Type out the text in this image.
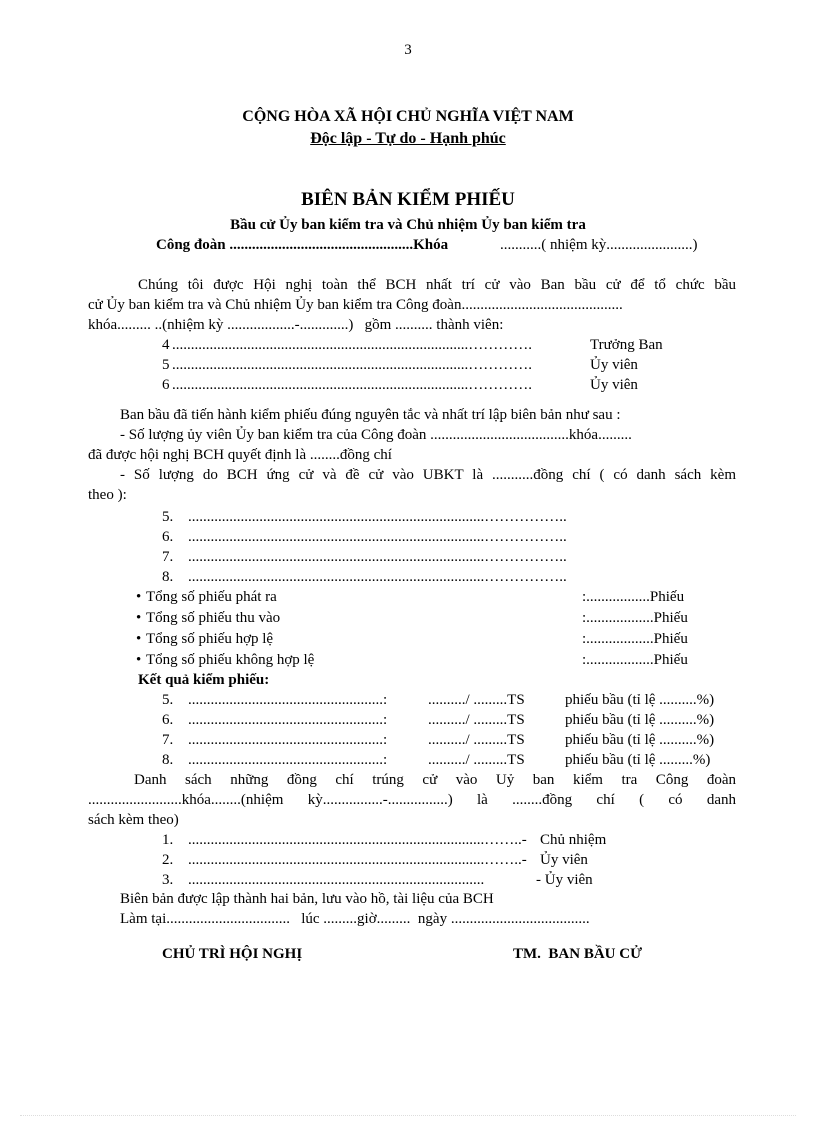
3
CỘNG HÒA XÃ HỘI CHỦ NGHĨA VIỆT NAM
Độc lập - Tự do - Hạnh phúc
BIÊN BẢN KIỂM PHIẾU
Bầu cử Ủy ban kiểm tra và Chủ nhiệm Ủy ban kiểm tra
Công đoàn .................................................Khóa	...........( nhiệm kỳ.......................)
Chúng tôi được Hội nghị toàn thể BCH nhất trí cử vào Ban bầu cử để tổ chức bầu
cử Ủy ban kiểm tra và Chủ nhiệm Ủy ban kiểm tra Công đoàn...........................................
khóa......... ..(nhiệm kỳ ..................-.............)   gồm .......... thành viên:
4 ...............................................................................………….	Trưởng Ban
5 ...............................................................................………….	Ủy viên
6 ...............................................................................………….	Ủy viên
Ban bầu đã tiến hành kiểm phiếu đúng nguyên tắc và nhất trí lập biên bản như sau :
- Số lượng ủy viên Ủy ban kiểm tra của Công đoàn .....................................khóa.........
đã được hội nghị BCH quyết định là ........đồng chí
- Số lượng do BCH ứng cử và đề cử vào UBKT là ...........đồng chí ( có danh sách kèm
theo ):
5. ...............................................................................……………..
6. ...............................................................................……………..
7. ...............................................................................……………..
8. ...............................................................................……………..
• Tổng số phiếu phát ra	:.................Phiếu
• Tổng số phiếu thu vào	:..................Phiếu
• Tổng số phiếu hợp lệ	:..................Phiếu
• Tổng số phiếu không hợp lệ	:..................Phiếu
Kết quả kiểm phiếu:
5. ....................................................:	........../ .........TS	phiếu bầu (tỉ lệ ..........%)
6. ....................................................:	........../ .........TS	phiếu bầu (tỉ lệ ..........%)
7. ....................................................:	........../ .........TS	phiếu bầu (tỉ lệ ..........%)
8. ....................................................:	........../ .........TS	phiếu bầu (tỉ lệ .........%)
Danh sách những đồng chí trúng cử vào Uỷ ban kiểm tra Công đoàn
.........................khóa........(nhiệm kỳ................-................) là ........đồng chí ( có danh
sách kèm theo)
1. ...............................................................................……..- Chủ nhiệm
2. ...............................................................................……..- Ủy viên
3. ...............................................................................	- Ủy viên
Biên bản được lập thành hai bản, lưu vào hồ, tài liệu của BCH
Làm tại.................................   lúc .........giờ.........  ngày .....................................
CHỦ TRÌ HỘI NGHỊ	TM.  BAN BẦU CỬ
